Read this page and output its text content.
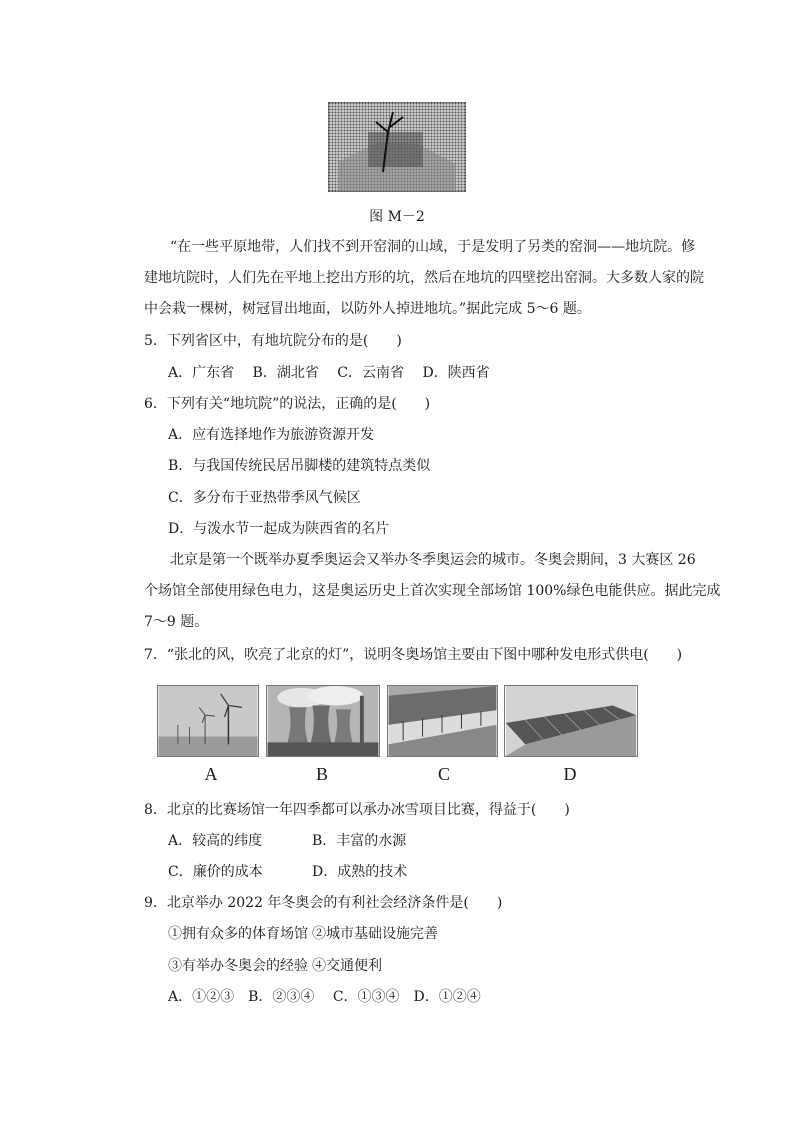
图 M－2
“在一些平原地带，人们找不到开窑洞的山域，于是发明了另类的窑洞——地坑院。修
建地坑院时，人们先在平地上挖出方形的坑，然后在地坑的四壁挖出窑洞。大多数人家的院
中会栽一棵树，树冠冒出地面，以防外人掉进地坑。”据此完成 5～6 题。
5．下列省区中，有地坑院分布的是(　　)
A．广东省　 B．湖北省　 C．云南省　 D．陕西省
6．下列有关“地坑院”的说法，正确的是(　　)
A．应有选择地作为旅游资源开发
B．与我国传统民居吊脚楼的建筑特点类似
C．多分布于亚热带季风气候区
D．与泼水节一起成为陕西省的名片
北京是第一个既举办夏季奥运会又举办冬季奥运会的城市。冬奥会期间，3 大赛区 26
个场馆全部使用绿色电力，这是奥运历史上首次实现全部场馆 100%绿色电能供应。据此完成
7～9 题。
7．“张北的风，吹亮了北京的灯”，说明冬奥场馆主要由下图中哪种发电形式供电(　　)
A	B	C	D
8．北京的比赛场馆一年四季都可以承办冰雪项目比赛，得益于(　　)
A．较高的纬度	B．丰富的水源
C．廉价的成本	D．成熟的技术
9．北京举办 2022 年冬奥会的有利社会经济条件是(　　)
①拥有众多的体育场馆 ②城市基础设施完善
③有举办冬奥会的经验 ④交通便利
A．①②③　B．②③④　 C．①③④　D．①②④
